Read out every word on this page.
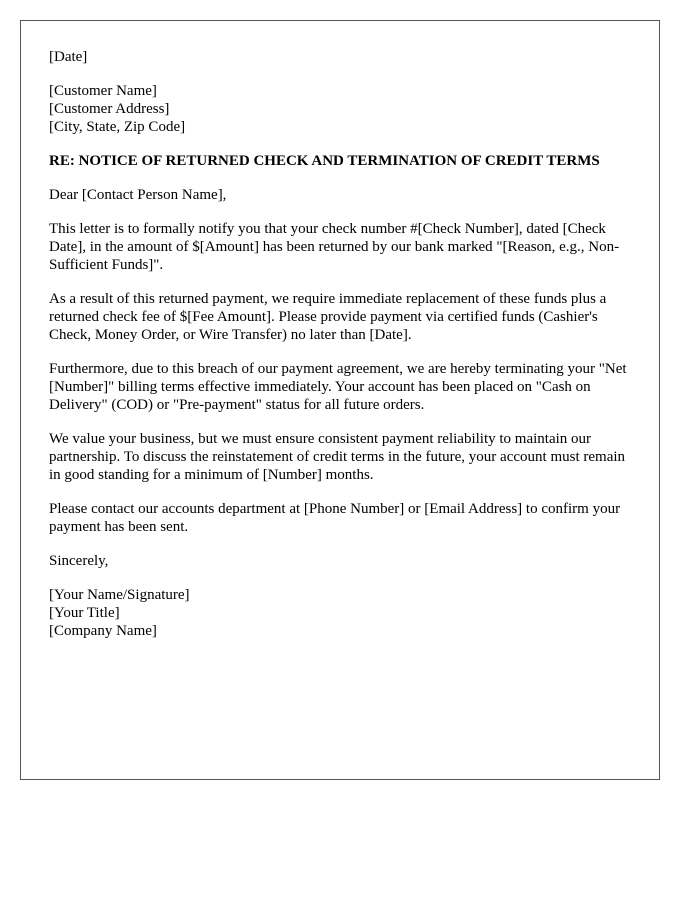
[Date]
[Customer Name]
[Customer Address]
[City, State, Zip Code]
RE: NOTICE OF RETURNED CHECK AND TERMINATION OF CREDIT TERMS

Dear [Contact Person Name],

This letter is to formally notify you that your check number #[Check Number], dated [Check Date], in the amount of $[Amount] has been returned by our bank marked "[Reason, e.g., Non-Sufficient Funds]".

As a result of this returned payment, we require immediate replacement of these funds plus a returned check fee of $[Fee Amount]. Please provide payment via certified funds (Cashier's Check, Money Order, or Wire Transfer) no later than [Date].

Furthermore, due to this breach of our payment agreement, we are hereby terminating your "Net [Number]" billing terms effective immediately. Your account has been placed on "Cash on Delivery" (COD) or "Pre-payment" status for all future orders.

We value your business, but we must ensure consistent payment reliability to maintain our partnership. To discuss the reinstatement of credit terms in the future, your account must remain in good standing for a minimum of [Number] months.

Please contact our accounts department at [Phone Number] or [Email Address] to confirm your payment has been sent.

Sincerely,

[Your Name/Signature]
[Your Title]
[Company Name]
